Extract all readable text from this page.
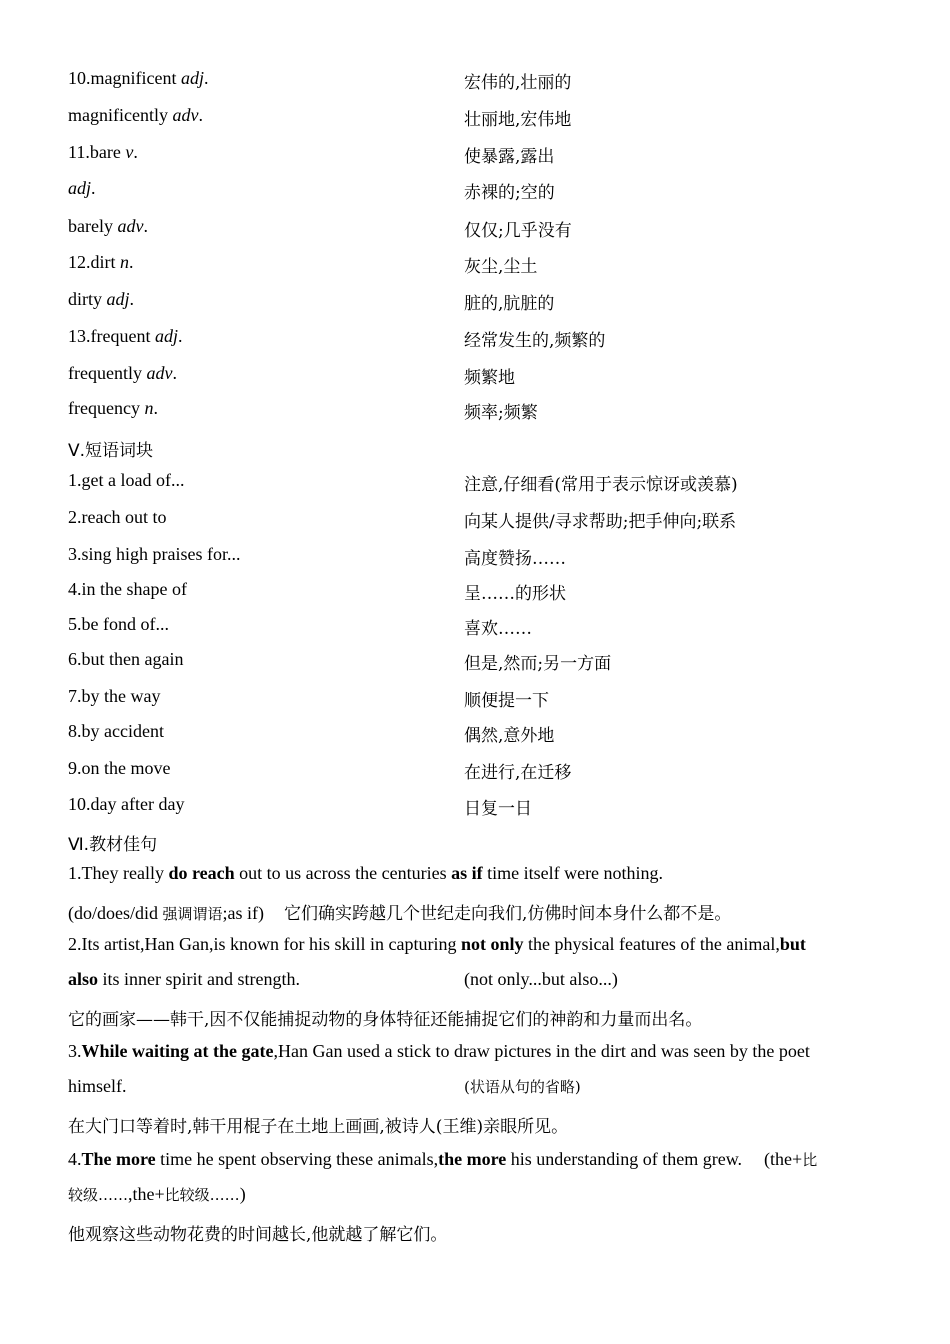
10.magnificent adj.	宏伟的,壮丽的
magnificently adv.	壮丽地,宏伟地
11.bare v.	使暴露,露出
adj.	赤裸的;空的
barely adv.	仅仅;几乎没有
12.dirt n.	灰尘,尘土
dirty adj.	脏的,肮脏的
13.frequent adj.	经常发生的,频繁的
frequently adv.	频繁地
frequency n.	频率;频繁
Ⅴ.短语词块
1.get a load of...	注意,仔细看(常用于表示惊讶或羡慕)
2.reach out to	向某人提供/寻求帮助;把手伸向;联系
3.sing high praises for...	高度赞扬……
4.in the shape of	呈……的形状
5.be fond of...	喜欢……
6.but then again	但是,然而;另一方面
7.by the way	顺便提一下
8.by accident	偶然,意外地
9.on the move	在进行,在迁移
10.day after day	日复一日
Ⅵ.教材佳句
1.They really do reach out to us across the centuries as if time itself were nothing.
(do/does/did 强调谓语;as if) 它们确实跨越几个世纪走向我们,仿佛时间本身什么都不是。
2.Its artist,Han Gan,is known for his skill in capturing not only the physical features of the animal,but
also its inner spirit and strength.	(not only...but also...)
它的画家——韩干,因不仅能捕捉动物的身体特征还能捕捉它们的神韵和力量而出名。
3.While waiting at the gate,Han Gan used a stick to draw pictures in the dirt and was seen by the poet
himself.	(状语从句的省略)
在大门口等着时,韩干用棍子在土地上画画,被诗人(王维)亲眼所见。
4.The more time he spent observing these animals,the more his understanding of them grew. (the+比
较级……,the+比较级……)
他观察这些动物花费的时间越长,他就越了解它们。
